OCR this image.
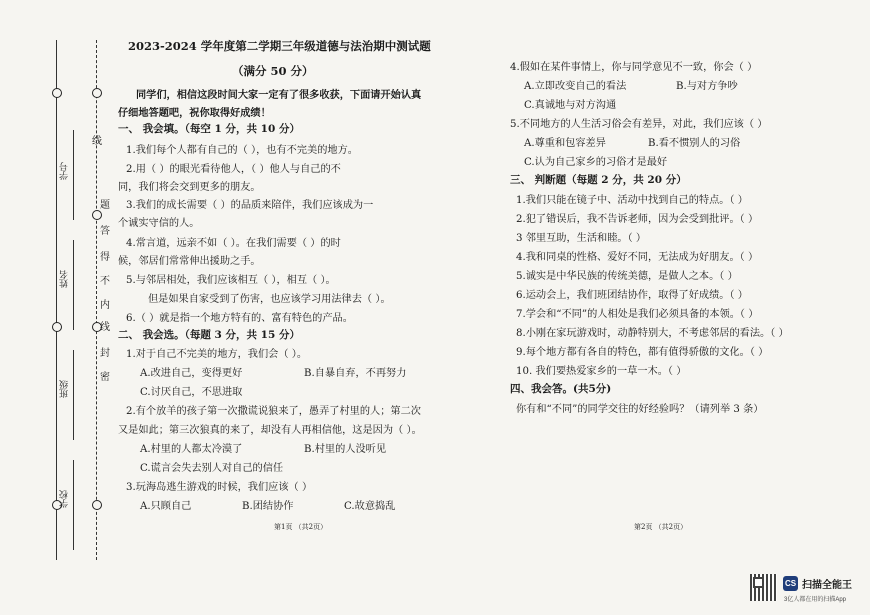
学号
姓名
班级
学校
线
题
答
得
不
内
线
封
密
2023-2024 学年度第二学期三年级道德与法治期中测试题
（满分 50 分）
同学们，相信这段时间大家一定有了很多收获，下面请开始认真
仔细地答题吧，祝你取得好成绩！
一、 我会填。（每空 1 分，共 10 分）
1.我们每个人都有自己的（ ），也有不完美的地方。
2.用（ ）的眼光看待他人，（ ）他人与自己的不
同，我们将会交到更多的朋友。
3.我们的成长需要（ ）的品质来陪伴，我们应该成为一
个诚实守信的人。
4.常言道，远亲不如（ ）。在我们需要（ ）的时
候，邻居们常常伸出援助之手。
5.与邻居相处，我们应该相互（ ），相互（ ）。
但是如果自家受到了伤害，也应该学习用法律去（ ）。
6.（ ）就是指一个地方特有的、富有特色的产品。
二、 我会选。（每题 3 分，共 15 分）
1.对于自己不完美的地方，我们会（ ）。
A.改进自己，变得更好	B.自暴自弃，不再努力
C.讨厌自己，不思进取
2.有个放羊的孩子第一次撒谎说狼来了，愚弄了村里的人；第二次
又是如此；第三次狼真的来了，却没有人再相信他，这是因为（ ）。
A.村里的人都太冷漠了	B.村里的人没听见
C.谎言会失去别人对自己的信任
3.玩海岛逃生游戏的时候，我们应该（ ）
A.只顾自己	B.团结协作	C.故意捣乱
第1页 （共2页）
4.假如在某件事情上，你与同学意见不一致，你会（ ）
A.立即改变自己的看法	B.与对方争吵
C.真诚地与对方沟通
5.不同地方的人生活习俗会有差异，对此，我们应该（ ）
A.尊重和包容差异	B.看不惯别人的习俗
C.认为自己家乡的习俗才是最好
三、 判断题（每题 2 分，共 20 分）
1.我们只能在镜子中、活动中找到自己的特点。（ ）
2.犯了错误后，我不告诉老师，因为会受到批评。（ ）
3 邻里互助，生活和睦。（ ）
4.我和同桌的性格、爱好不同，无法成为好朋友。（ ）
5.诚实是中华民族的传统美德，是做人之本。（ ）
6.运动会上，我们班团结协作，取得了好成绩。（ ）
7.学会和“不同”的人相处是我们必须具备的本领。（ ）
8.小刚在家玩游戏时，动静特别大，不考虑邻居的看法。（ ）
9.每个地方都有各自的特色，都有值得骄傲的文化。（ ）
10. 我们要热爱家乡的一草一木。（ ）
四、我会答。(共5分)
你有和“不同”的同学交往的好经验吗？（请列举 3 条）
第2页 （共2页）
CS 扫描全能王
3亿人都在用的扫描App
